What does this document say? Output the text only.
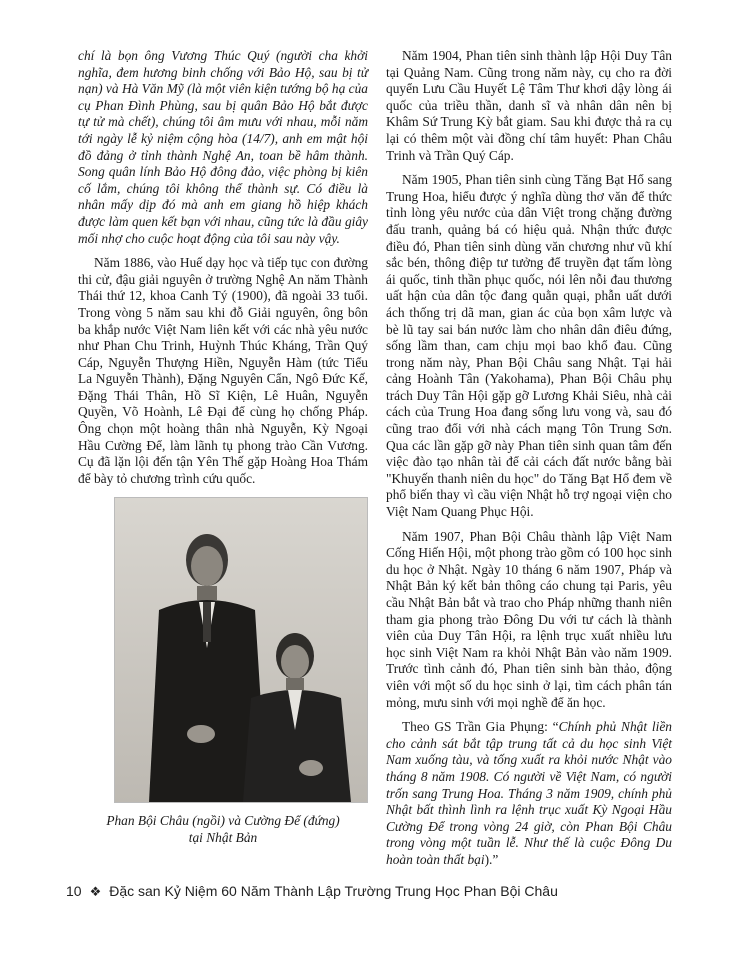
chí là bọn ông Vương Thúc Quý (người cha khởi nghĩa, đem hương binh chống với Bảo Hộ, sau bị tử nạn) và Hà Văn Mỹ (là một viên kiện tướng bộ hạ của cụ Phan Đình Phùng, sau bị quân Bảo Hộ bắt được tự tử mà chết), chúng tôi âm mưu với nhau, mỗi năm tới ngày lễ kỷ niệm cộng hòa (14/7), anh em mật hội đồ đảng ở tỉnh thành Nghệ An, toan bề hâm thành. Song quân lính Bảo Hộ đông đảo, việc phòng bị kiên cố lắm, chúng tôi không thể thành sự. Có điều là nhân mấy dịp đó mà anh em giang hồ hiệp khách được làm quen kết bạn với nhau, cũng tức là đầu giây mối nhợ cho cuộc hoạt động của tôi sau này vậy.

Năm 1886, vào Huế dạy học và tiếp tục con đường thi cử, đậu giải nguyên ở trường Nghệ An năm Thành Thái thứ 12, khoa Canh Tý (1900), đã ngoài 33 tuổi. Trong vòng 5 năm sau khi đỗ Giải nguyên, ông bôn ba khắp nước Việt Nam liên kết với các nhà yêu nước như Phan Chu Trinh, Huỳnh Thúc Kháng, Trần Quý Cáp, Nguyễn Thượng Hiền, Nguyễn Hàm (tức Tiểu La Nguyễn Thành), Đặng Nguyên Cẩn, Ngô Đức Kế, Đặng Thái Thân, Hồ Sĩ Kiện, Lê Huân, Nguyễn Quyền, Võ Hoành, Lê Đại để cùng họ chống Pháp. Ông chọn một hoàng thân nhà Nguyễn, Kỳ Ngoại Hầu Cường Để, làm lãnh tụ phong trào Cần Vương. Cụ đã lặn lội đến tận Yên Thế gặp Hoàng Hoa Thám để bày tỏ chương trình cứu quốc.

Phan Bội Châu (ngồi) và Cường Để (đứng)
tại Nhật Bản

Năm 1904, Phan tiên sinh thành lập Hội Duy Tân tại Quảng Nam. Cũng trong năm này, cụ cho ra đời quyển Lưu Cầu Huyết Lệ Tâm Thư khơi dậy lòng ái quốc của triều thần, danh sĩ và nhân dân nên bị Khâm Sứ Trung Kỳ bắt giam. Sau khi được thả ra cụ lại có thêm một vài đồng chí tâm huyết: Phan Châu Trinh và Trần Quý Cáp.

Năm 1905, Phan tiên sinh cùng Tăng Bạt Hổ sang Trung Hoa, hiểu được ý nghĩa dùng thơ văn để thức tỉnh lòng yêu nước của dân Việt trong chặng đường đấu tranh, quảng bá có hiệu quả. Nhận thức được điều đó, Phan tiên sinh dùng văn chương như vũ khí sắc bén, thông điệp tư tưởng để truyền đạt tấm lòng ái quốc, tinh thần phục quốc, nói lên nỗi đau thương uất hận của dân tộc đang quằn quại, phẫn uất dưới ách thống trị dã man, gian ác của bọn xâm lược và bè lũ tay sai bán nước làm cho nhân dân điêu đứng, sống lầm than, cam chịu mọi bao khổ đau. Cũng trong năm này, Phan Bội Châu sang Nhật. Tại hải cảng Hoành Tân (Yakohama), Phan Bội Châu phụ trách Duy Tân Hội gặp gỡ Lương Khải Siêu, nhà cải cách của Trung Hoa đang sống lưu vong và, sau đó cũng trao đổi với nhà cách mạng Tôn Trung Sơn. Qua các lần gặp gỡ này Phan tiên sinh quan tâm đến việc đào tạo nhân tài để cải cách đất nước bằng bài "Khuyến thanh niên du học" do Tăng Bạt Hổ đem về phổ biến thay vì cầu viện Nhật hỗ trợ ngoại viện cho Việt Nam Quang Phục Hội.

Năm 1907, Phan Bội Châu thành lập Việt Nam Cống Hiến Hội, một phong trào gồm có 100 học sinh du học ở Nhật. Ngày 10 tháng 6 năm 1907, Pháp và Nhật Bản ký kết bản thông cáo chung tại Paris, yêu cầu Nhật Bản bắt và trao cho Pháp những thanh niên tham gia phong trào Đông Du với tư cách là thành viên của Duy Tân Hội, ra lệnh trục xuất nhiều lưu học sinh Việt Nam ra khỏi Nhật Bản vào năm 1909. Trước tình cảnh đó, Phan tiên sinh bàn thảo, động viên với một số du học sinh ở lại, tìm cách phân tán mỏng, mưu sinh với mọi nghề để ăn học.

Theo GS Trần Gia Phụng: “Chính phủ Nhật liền cho cảnh sát bắt tập trung tất cả du học sinh Việt Nam xuống tàu, và tống xuất ra khỏi nước Nhật vào tháng 8 năm 1908. Có người về Việt Nam, có người trốn sang Trung Hoa. Tháng 3 năm 1909, chính phủ Nhật bất thình lình ra lệnh trục xuất Kỳ Ngoại Hầu Cường Để trong vòng 24 giờ, còn Phan Bội Châu trong vòng một tuần lễ. Như thế là cuộc Đông Du hoàn toàn thất bại).”

10 ❖ Đặc san Kỷ Niệm 60 Năm Thành Lập Trường Trung Học Phan Bội Châu
